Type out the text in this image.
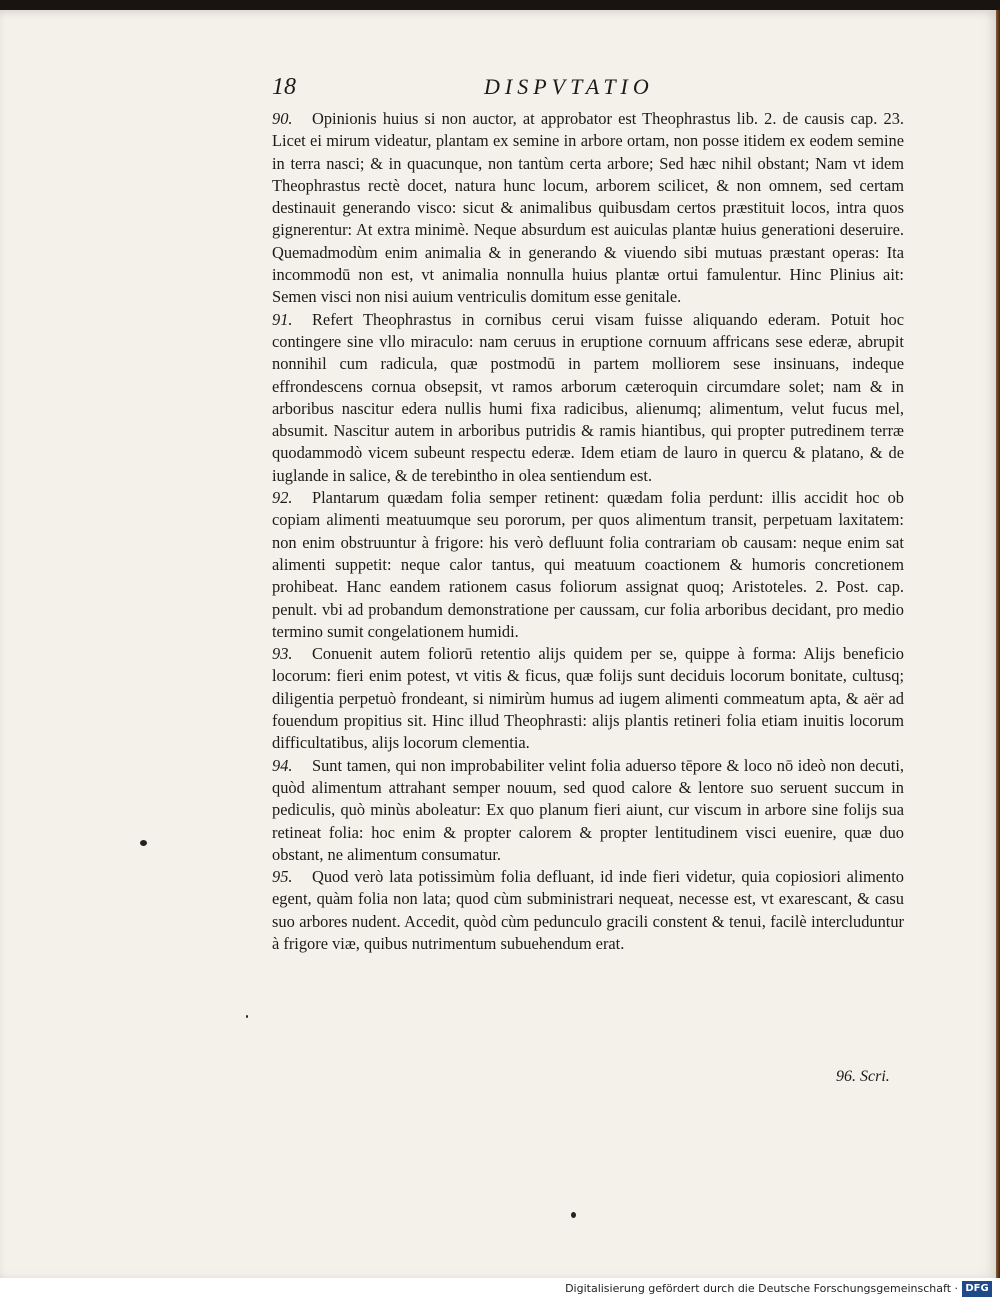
18	DISPVTATIO

90. Opinionis huius si non auctor, at approbator est Theophrastus lib. 2. de causis cap. 23. Licet ei mirum videatur, plantam ex semine in arbore ortam, non posse itidem ex eodem semine in terra nasci; & in quacunque, non tantùm certa arbore; Sed hæc nihil obstant; Nam vt idem Theophrastus rectè docet, natura hunc locum, arborem scilicet, & non omnem, sed certam destinauit generando visco: sicut & animalibus quibusdam certos præstituit locos, intra quos gignerentur: At extra minimè. Neque absurdum est auiculas plantæ huius generationi deseruire. Quemadmodùm enim animalia & in generando & viuendo sibi mutuas præstant operas: Ita incommodū non est, vt animalia nonnulla huius plantæ ortui famulentur. Hinc Plinius ait: Semen visci non nisi auium ventriculis domitum esse genitale.

91. Refert Theophrastus in cornibus cerui visam fuisse aliquando ederam. Potuit hoc contingere sine vllo miraculo: nam ceruus in eruptione cornuum affricans sese ederæ, abrupit nonnihil cum radicula, quæ postmodū in partem molliorem sese insinuans, indeque effrondescens cornua obsepsit, vt ramos arborum cæteroquin circumdare solet; nam & in arboribus nascitur edera nullis humi fixa radicibus, alienumq; alimentum, velut fucus mel, absumit. Nascitur autem in arboribus putridis & ramis hiantibus, qui propter putredinem terræ quodammodò vicem subeunt respectu ederæ. Idem etiam de lauro in quercu & platano, & de iuglande in salice, & de terebintho in olea sentiendum est.

92. Plantarum quædam folia semper retinent: quædam folia perdunt: illis accidit hoc ob copiam alimenti meatuumque seu pororum, per quos alimentum transit, perpetuam laxitatem: non enim obstruuntur à frigore: his verò defluunt folia contrariam ob causam: neque enim sat alimenti suppetit: neque calor tantus, qui meatuum coactionem & humoris concretionem prohibeat. Hanc eandem rationem casus foliorum assignat quoq; Aristoteles. 2. Post. cap. penult. vbi ad probandum demonstratione per caussam, cur folia arboribus decidant, pro medio termino sumit congelationem humidi.

93. Conuenit autem foliorū retentio alijs quidem per se, quippe à forma: Alijs beneficio locorum: fieri enim potest, vt vitis & ficus, quæ folijs sunt deciduis locorum bonitate, cultusq; diligentia perpetuò frondeant, si nimirùm humus ad iugem alimenti commeatum apta, & aër ad fouendum propitius sit. Hinc illud Theophrasti: alijs plantis retineri folia etiam inuitis locorum difficultatibus, alijs locorum clementia.

94. Sunt tamen, qui non improbabiliter velint folia aduerso tēpore & loco nō ideò non decuti, quòd alimentum attrahant semper nouum, sed quod calore & lentore suo seruent succum in pediculis, quò minùs aboleatur: Ex quo planum fieri aiunt, cur viscum in arbore sine folijs sua retineat folia: hoc enim & propter calorem & propter lentitudinem visci euenire, quæ duo obstant, ne alimentum consumatur.

95. Quod verò lata potissimùm folia defluant, id inde fieri videtur, quia copiosiori alimento egent, quàm folia non lata; quod cùm subministrari nequeat, necesse est, vt exarescant, & casu suo arbores nudent. Accedit, quòd cùm pedunculo gracili constent & tenui, facilè intercluduntur à frigore viæ, quibus nutrimentum subuehendum erat.

96. Scri.
Digitalisierung gefördert durch die Deutsche Forschungsgemeinschaft · DFG
